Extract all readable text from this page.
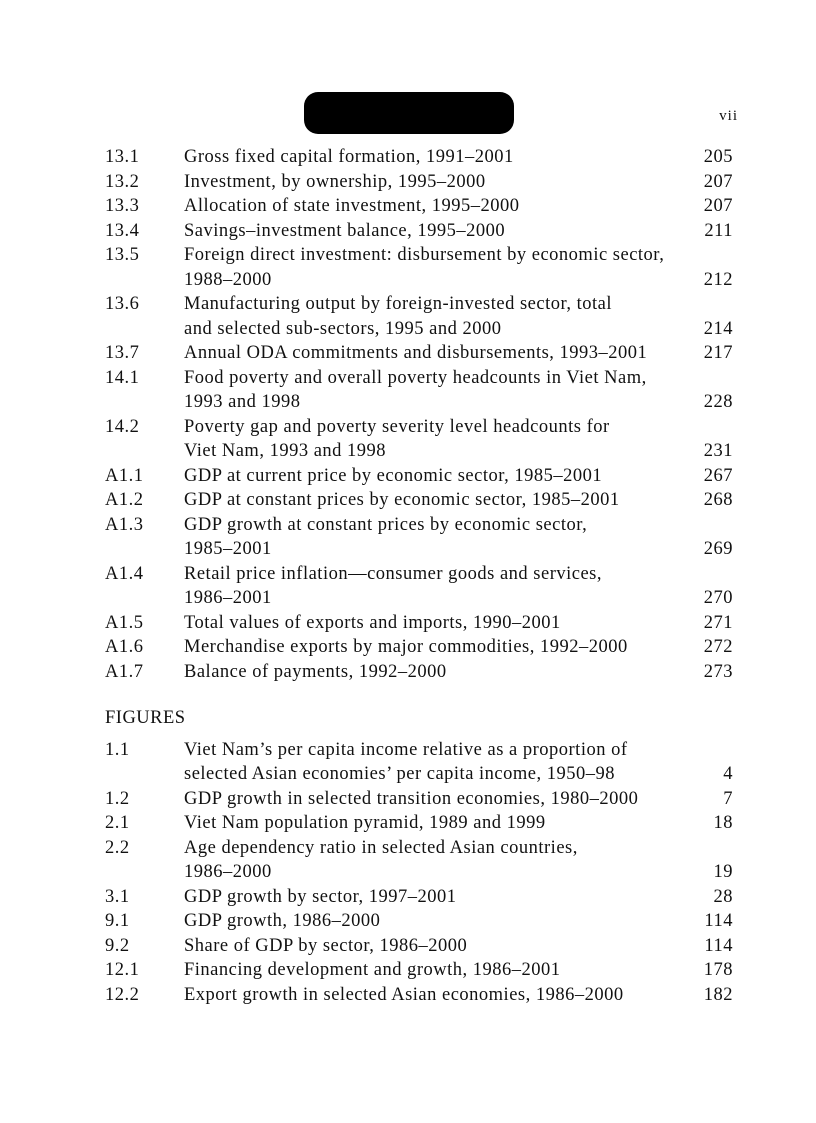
vii
13.1	Gross fixed capital formation, 1991–2001	205
13.2	Investment, by ownership, 1995–2000	207
13.3	Allocation of state investment, 1995–2000	207
13.4	Savings–investment balance, 1995–2000	211
13.5	Foreign direct investment: disbursement by economic sector,
1988–2000	212
13.6	Manufacturing output by foreign-invested sector, total
and selected sub-sectors, 1995 and 2000	214
13.7	Annual ODA commitments and disbursements, 1993–2001	217
14.1	Food poverty and overall poverty headcounts in Viet Nam,
1993 and 1998	228
14.2	Poverty gap and poverty severity level headcounts for
Viet Nam, 1993 and 1998	231
A1.1	GDP at current price by economic sector, 1985–2001	267
A1.2	GDP at constant prices by economic sector, 1985–2001	268
A1.3	GDP growth at constant prices by economic sector,
1985–2001	269
A1.4	Retail price inflation—consumer goods and services,
1986–2001	270
A1.5	Total values of exports and imports, 1990–2001	271
A1.6	Merchandise exports by major commodities, 1992–2000	272
A1.7	Balance of payments, 1992–2000	273
FIGURES
1.1	Viet Nam’s per capita income relative as a proportion of
selected Asian economies’ per capita income, 1950–98	4
1.2	GDP growth in selected transition economies, 1980–2000	7
2.1	Viet Nam population pyramid, 1989 and 1999	18
2.2	Age dependency ratio in selected Asian countries,
1986–2000	19
3.1	GDP growth by sector, 1997–2001	28
9.1	GDP growth, 1986–2000	114
9.2	Share of GDP by sector, 1986–2000	114
12.1	Financing development and growth, 1986–2001	178
12.2	Export growth in selected Asian economies, 1986–2000	182
